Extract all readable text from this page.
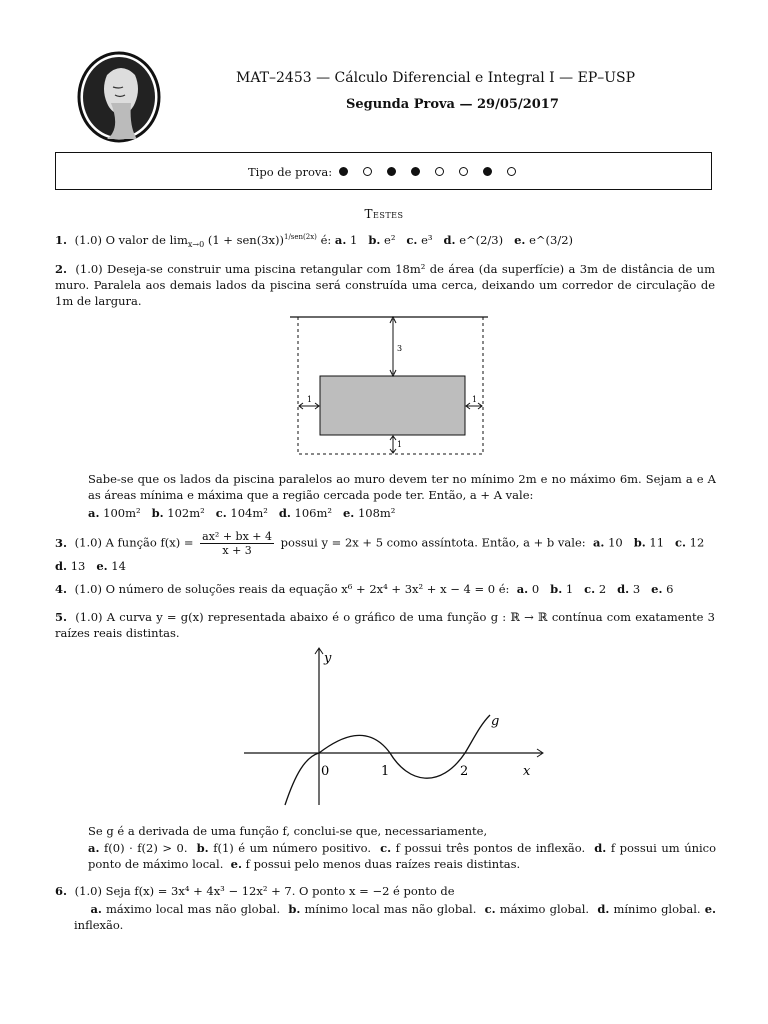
MAT–2453 — Cálculo Diferencial e Integral I — EP–USP
Segunda Prova — 29/05/2017
Tipo de prova:
Testes
1. (1.0) O valor de $\lim_{x\to 0} (1 + sen(3x))^{1/sen(2x)}$ é: a. 1 b. e² c. e³ d. e^(2/3) e. e^(3/2)
2. (1.0) Deseja-se construir uma piscina retangular com 18m² de área (da superfície) a 3m de distância de um muro. Paralela aos demais lados da piscina será construída uma cerca, deixando um corredor de circulação de 1m de largura.
3
1	1
1
Sabe-se que os lados da piscina paralelos ao muro devem ter no mínimo 2m e no máximo 6m. Sejam a e A as áreas mínima e máxima que a região cercada pode ter. Então, a + A vale:
a. 100m² b. 102m² c. 104m² d. 106m² e. 108m²
3. (1.0) A função $f(x) = \frac{\text{ax² + bx + 4}}{x + 3}$ possui y = 2x + 5 como assíntota. Então, a + b vale: a. 10 b. 11 c. 12
d. 13 e. 14
4. (1.0) O número de soluções reais da equação x⁶ + 2x⁴ + 3x² + x − 4 = 0 é: a. 0 b. 1 c. 2 d. 3 e. 6
5. (1.0) A curva y = g(x) representada abaixo é o gráfico de uma função g : ℝ → ℝ contínua com exatamente 3 raízes reais distintas.
y
x
g
0	1	2
Se g é a derivada de uma função f, conclui-se que, necessariamente,
a. f(0) · f(2) > 0. b. f(1) é um número positivo. c. f possui três pontos de inflexão. d. f possui um único ponto de máximo local. e. f possui pelo menos duas raízes reais distintas.
6. (1.0) Seja f(x) = 3x⁴ + 4x³ − 12x² + 7. O ponto x = −2 é ponto de
a. máximo local mas não global. b. mínimo local mas não global. c. máximo global. d. mínimo global. e. inflexão.
